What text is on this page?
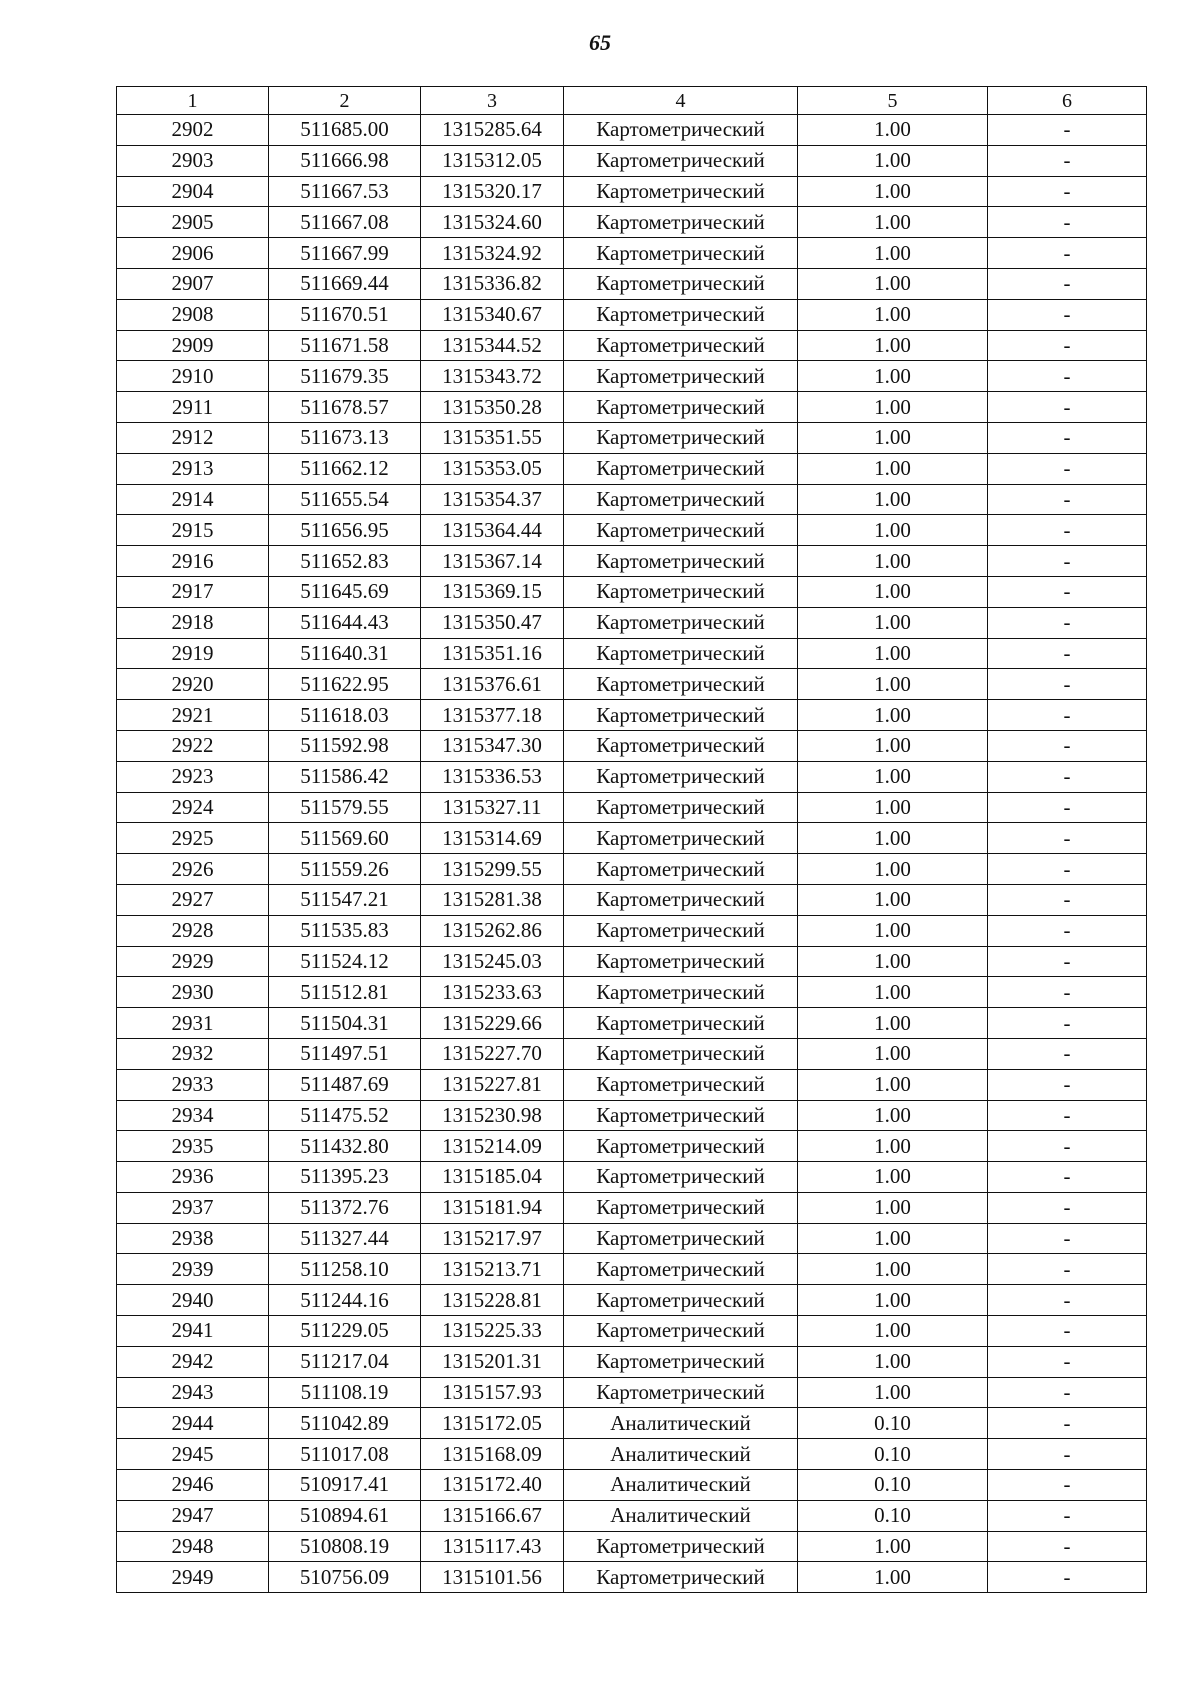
65
1	2	3	4	5	6
2902	511685.00	1315285.64	Картометрический	1.00	-
2903	511666.98	1315312.05	Картометрический	1.00	-
2904	511667.53	1315320.17	Картометрический	1.00	-
2905	511667.08	1315324.60	Картометрический	1.00	-
2906	511667.99	1315324.92	Картометрический	1.00	-
2907	511669.44	1315336.82	Картометрический	1.00	-
2908	511670.51	1315340.67	Картометрический	1.00	-
2909	511671.58	1315344.52	Картометрический	1.00	-
2910	511679.35	1315343.72	Картометрический	1.00	-
2911	511678.57	1315350.28	Картометрический	1.00	-
2912	511673.13	1315351.55	Картометрический	1.00	-
2913	511662.12	1315353.05	Картометрический	1.00	-
2914	511655.54	1315354.37	Картометрический	1.00	-
2915	511656.95	1315364.44	Картометрический	1.00	-
2916	511652.83	1315367.14	Картометрический	1.00	-
2917	511645.69	1315369.15	Картометрический	1.00	-
2918	511644.43	1315350.47	Картометрический	1.00	-
2919	511640.31	1315351.16	Картометрический	1.00	-
2920	511622.95	1315376.61	Картометрический	1.00	-
2921	511618.03	1315377.18	Картометрический	1.00	-
2922	511592.98	1315347.30	Картометрический	1.00	-
2923	511586.42	1315336.53	Картометрический	1.00	-
2924	511579.55	1315327.11	Картометрический	1.00	-
2925	511569.60	1315314.69	Картометрический	1.00	-
2926	511559.26	1315299.55	Картометрический	1.00	-
2927	511547.21	1315281.38	Картометрический	1.00	-
2928	511535.83	1315262.86	Картометрический	1.00	-
2929	511524.12	1315245.03	Картометрический	1.00	-
2930	511512.81	1315233.63	Картометрический	1.00	-
2931	511504.31	1315229.66	Картометрический	1.00	-
2932	511497.51	1315227.70	Картометрический	1.00	-
2933	511487.69	1315227.81	Картометрический	1.00	-
2934	511475.52	1315230.98	Картометрический	1.00	-
2935	511432.80	1315214.09	Картометрический	1.00	-
2936	511395.23	1315185.04	Картометрический	1.00	-
2937	511372.76	1315181.94	Картометрический	1.00	-
2938	511327.44	1315217.97	Картометрический	1.00	-
2939	511258.10	1315213.71	Картометрический	1.00	-
2940	511244.16	1315228.81	Картометрический	1.00	-
2941	511229.05	1315225.33	Картометрический	1.00	-
2942	511217.04	1315201.31	Картометрический	1.00	-
2943	511108.19	1315157.93	Картометрический	1.00	-
2944	511042.89	1315172.05	Аналитический	0.10	-
2945	511017.08	1315168.09	Аналитический	0.10	-
2946	510917.41	1315172.40	Аналитический	0.10	-
2947	510894.61	1315166.67	Аналитический	0.10	-
2948	510808.19	1315117.43	Картометрический	1.00	-
2949	510756.09	1315101.56	Картометрический	1.00	-
